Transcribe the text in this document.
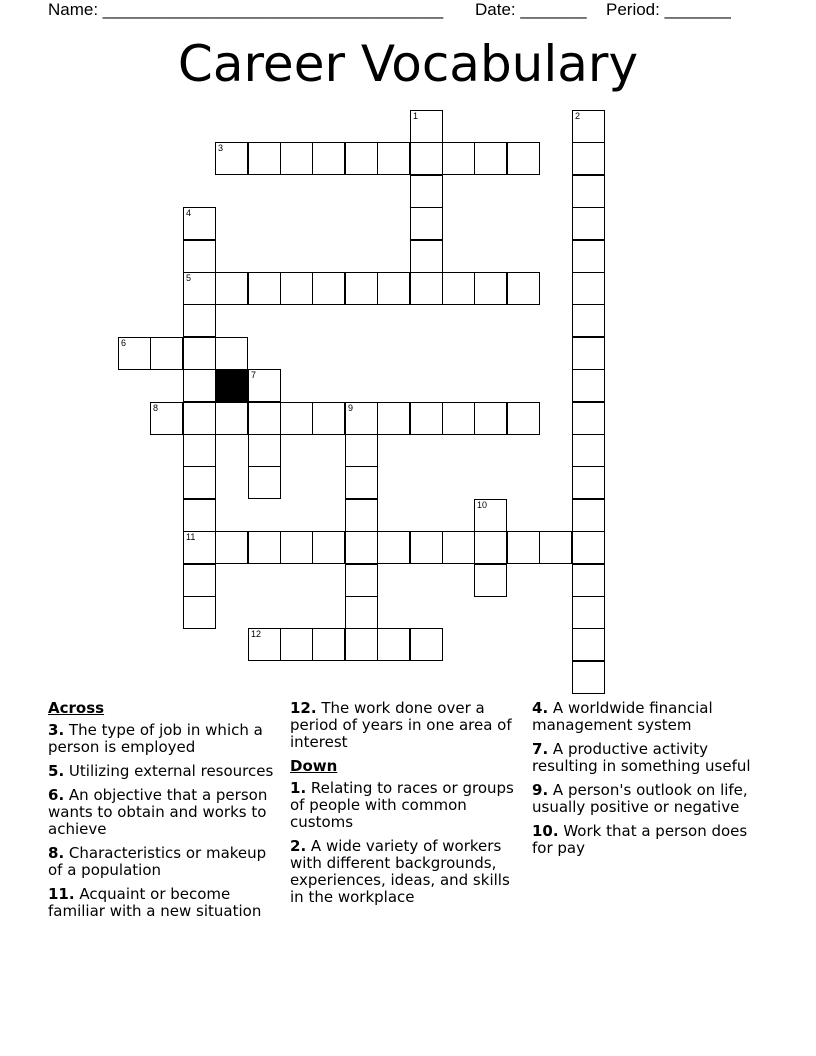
Name: ____________________________________ Date: _______ Period: _______
Career Vocabulary
1	2
3
4
5
11
6
7
8	9
10
12
Across
3. The type of job in which a person is employed
5. Utilizing external resources
6. An objective that a person wants to obtain and works to achieve
8. Characteristics or makeup of a population
11. Acquaint or become familiar with a new situation
12. The work done over a period of years in one area of interest
Down
1. Relating to races or groups of people with common customs
2. A wide variety of workers with different backgrounds, experiences, ideas, and skills in the workplace
4. A worldwide financial management system
7. A productive activity resulting in something useful
9. A person's outlook on life, usually positive or negative
10. Work that a person does for pay
